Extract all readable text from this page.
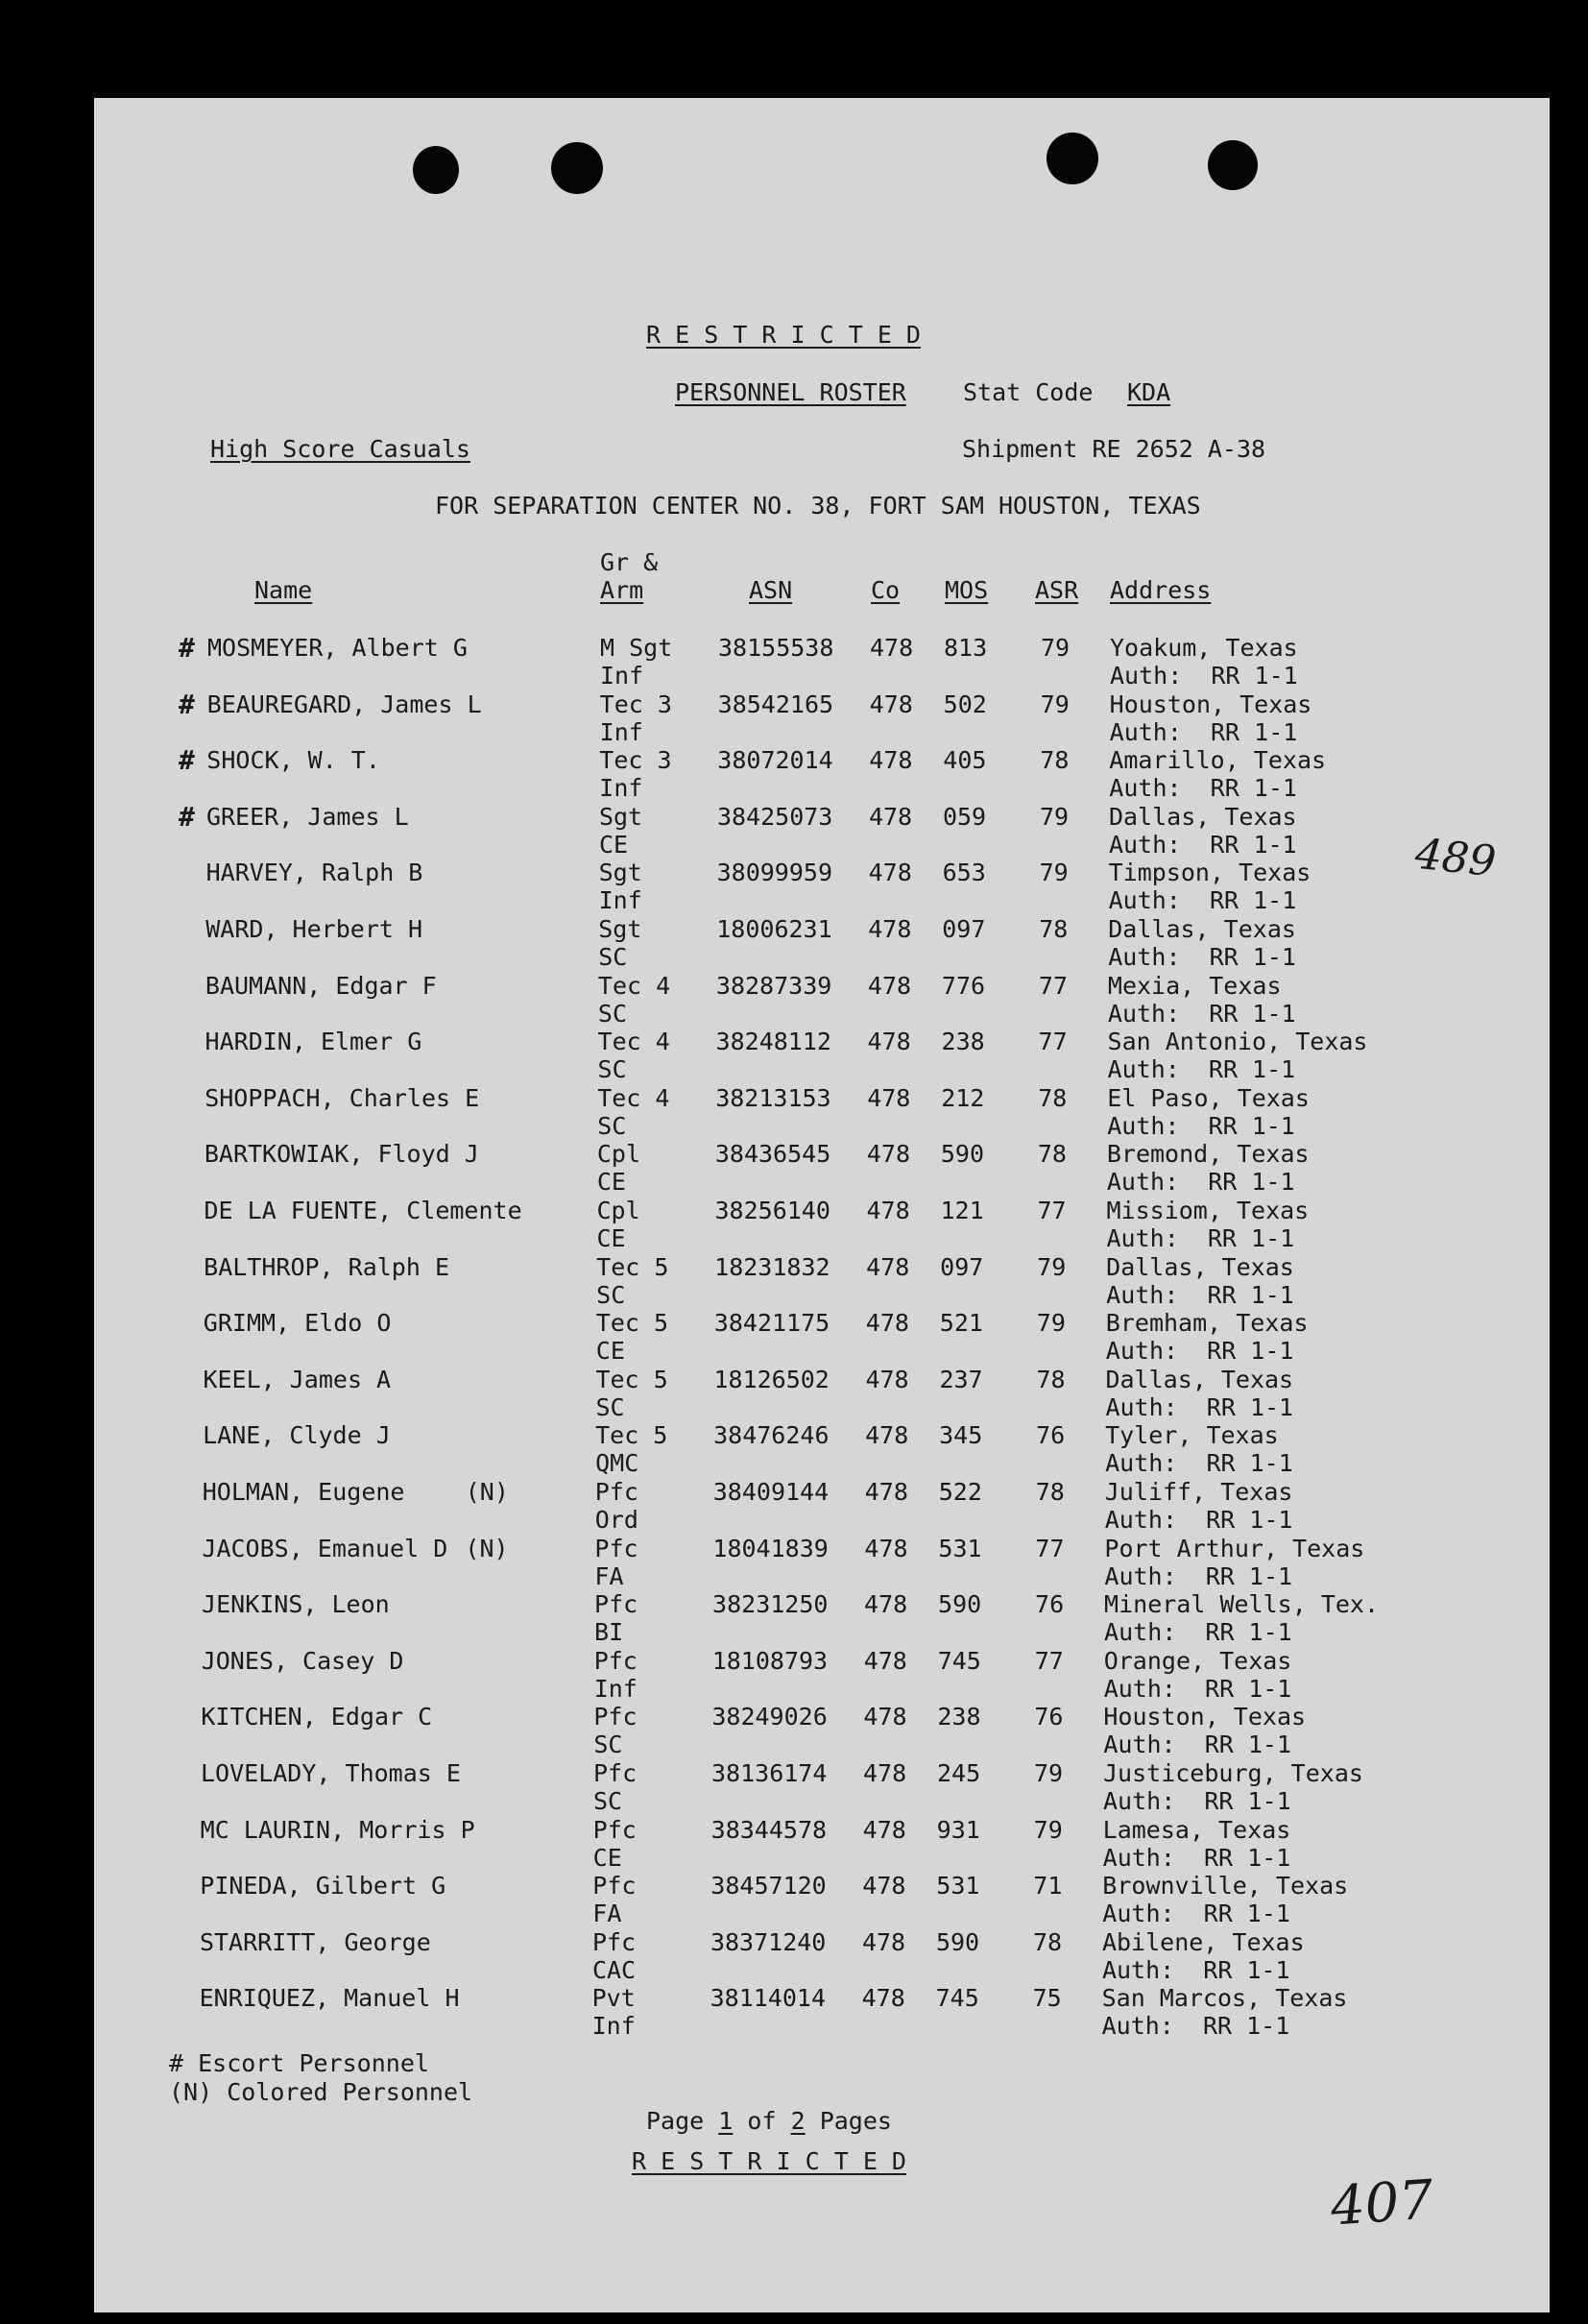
R E S T R I C T E D
PERSONNEL ROSTER Stat Code KDA
High Score Casuals	Shipment RE 2652 A-38
FOR SEPARATION CENTER NO. 38, FORT SAM HOUSTON, TEXAS
Name
Gr &
Arm	ASN	Co MOS ASR Address
# MOSMEYER, Albert G	M Sgt 38155538 478 813 79 Yoakum, Texas
Inf	Auth:  RR 1-1
# BEAUREGARD, James L	Tec 3 38542165 478 502 79 Houston, Texas
Inf	Auth:  RR 1-1
# SHOCK, W. T.	Tec 3 38072014 478 405 78 Amarillo, Texas
Inf	Auth:  RR 1-1
# GREER, James L	Sgt	38425073 478 059 79 Dallas, Texas
CE	Auth:  RR 1-1
HARVEY, Ralph B	Sgt	38099959 478 653 79 Timpson, Texas
Inf	Auth:  RR 1-1
WARD, Herbert H	Sgt	18006231 478 097 78 Dallas, Texas
SC	Auth:  RR 1-1
BAUMANN, Edgar F	Tec 4 38287339 478 776 77 Mexia, Texas
SC	Auth:  RR 1-1
HARDIN, Elmer G	Tec 4 38248112 478 238 77 San Antonio, Texas
SC	Auth:  RR 1-1
SHOPPACH, Charles E	Tec 4 38213153 478 212 78 El Paso, Texas
SC	Auth:  RR 1-1
BARTKOWIAK, Floyd J	Cpl	38436545 478 590 78 Bremond, Texas
CE	Auth:  RR 1-1
DE LA FUENTE, Clemente	Cpl	38256140 478 121 77 Missiom, Texas
CE	Auth:  RR 1-1
BALTHROP, Ralph E	Tec 5 18231832 478 097 79 Dallas, Texas
SC	Auth:  RR 1-1
GRIMM, Eldo O	Tec 5 38421175 478 521 79 Bremham, Texas
CE	Auth:  RR 1-1
KEEL, James A	Tec 5 18126502 478 237 78 Dallas, Texas
SC	Auth:  RR 1-1
LANE, Clyde J	Tec 5 38476246 478 345 76 Tyler, Texas
QMC	Auth:  RR 1-1
HOLMAN, Eugene	(N)	Pfc	38409144 478 522 78 Juliff, Texas
Ord	Auth:  RR 1-1
JACOBS, Emanuel D (N)	Pfc	18041839 478 531 77 Port Arthur, Texas
FA	Auth:  RR 1-1
JENKINS, Leon	Pfc	38231250 478 590 76 Mineral Wells, Tex.
BI	Auth:  RR 1-1
JONES, Casey D	Pfc	18108793 478 745 77 Orange, Texas
Inf	Auth:  RR 1-1
KITCHEN, Edgar C	Pfc	38249026 478 238 76 Houston, Texas
SC	Auth:  RR 1-1
LOVELADY, Thomas E	Pfc	38136174 478 245 79 Justiceburg, Texas
SC	Auth:  RR 1-1
MC LAURIN, Morris P	Pfc	38344578 478 931 79 Lamesa, Texas
CE	Auth:  RR 1-1
PINEDA, Gilbert G	Pfc	38457120 478 531 71 Brownville, Texas
FA	Auth:  RR 1-1
STARRITT, George	Pfc	38371240 478 590 78 Abilene, Texas
CAC	Auth:  RR 1-1
ENRIQUEZ, Manuel H	Pvt	38114014 478 745 75 San Marcos, Texas
Inf	Auth:  RR 1-1
# Escort Personnel
(N) Colored Personnel
Page 1 of 2 Pages
R E S T R I C T E D
489
407
